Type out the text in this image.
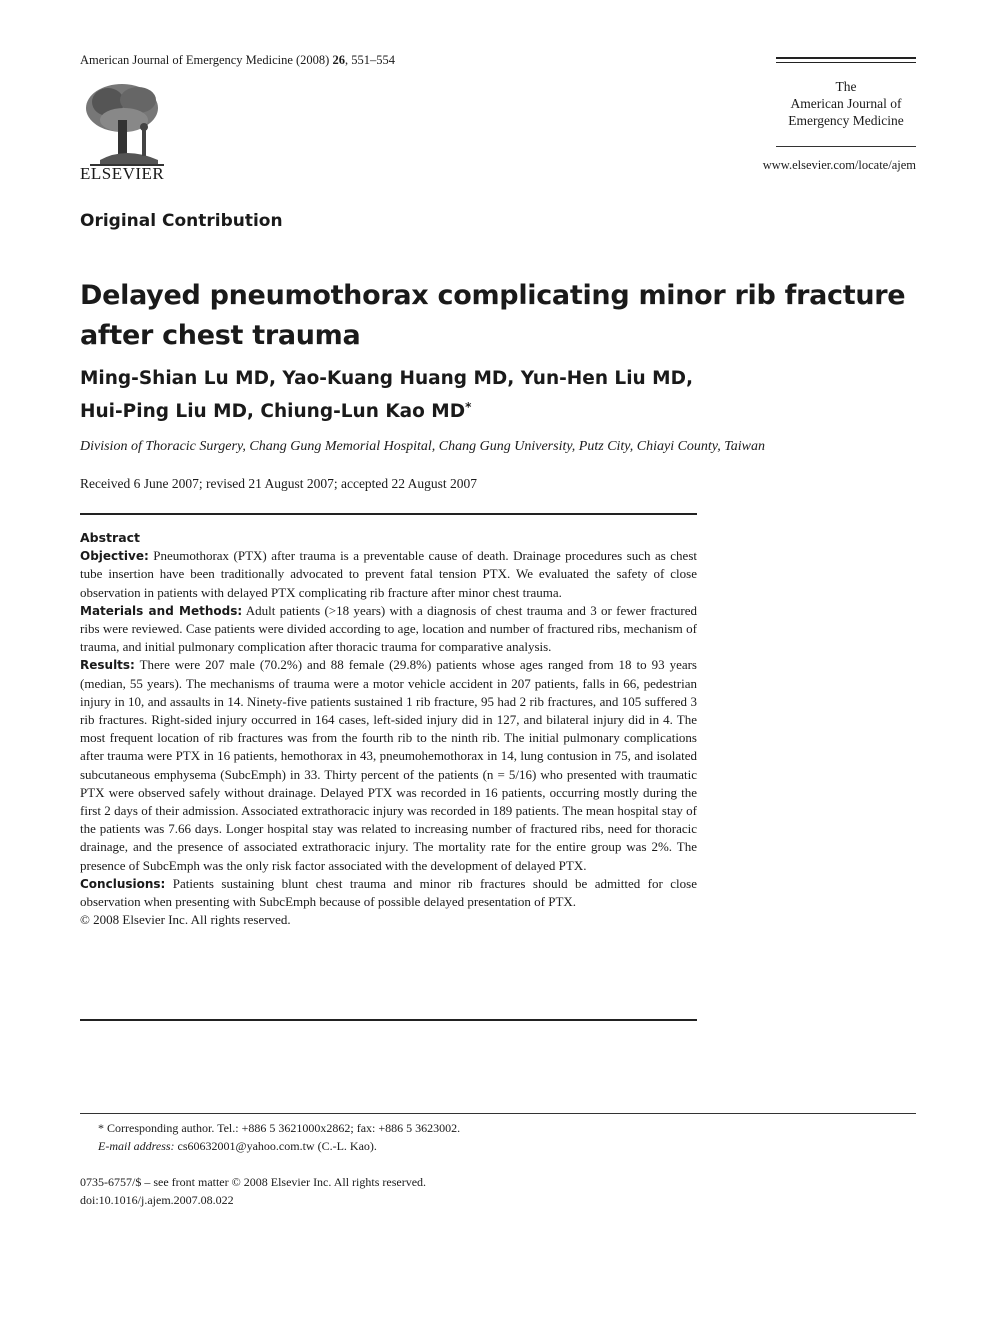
American Journal of Emergency Medicine (2008) 26, 551–554
ELSEVIER
The
American Journal of
Emergency Medicine
www.elsevier.com/locate/ajem
Original Contribution
Delayed pneumothorax complicating minor rib fracture after chest trauma
Ming-Shian Lu MD, Yao-Kuang Huang MD, Yun-Hen Liu MD,
Hui-Ping Liu MD, Chiung-Lun Kao MD*
Division of Thoracic Surgery, Chang Gung Memorial Hospital, Chang Gung University, Putz City, Chiayi County, Taiwan
Received 6 June 2007; revised 21 August 2007; accepted 22 August 2007
Abstract

Objective: Pneumothorax (PTX) after trauma is a preventable cause of death. Drainage procedures such as chest tube insertion have been traditionally advocated to prevent fatal tension PTX. We evaluated the safety of close observation in patients with delayed PTX complicating rib fracture after minor chest trauma.

Materials and Methods: Adult patients (>18 years) with a diagnosis of chest trauma and 3 or fewer fractured ribs were reviewed. Case patients were divided according to age, location and number of fractured ribs, mechanism of trauma, and initial pulmonary complication after thoracic trauma for comparative analysis.

Results: There were 207 male (70.2%) and 88 female (29.8%) patients whose ages ranged from 18 to 93 years (median, 55 years). The mechanisms of trauma were a motor vehicle accident in 207 patients, falls in 66, pedestrian injury in 10, and assaults in 14. Ninety-five patients sustained 1 rib fracture, 95 had 2 rib fractures, and 105 suffered 3 rib fractures. Right-sided injury occurred in 164 cases, left-sided injury did in 127, and bilateral injury did in 4. The most frequent location of rib fractures was from the fourth rib to the ninth rib. The initial pulmonary complications after trauma were PTX in 16 patients, hemothorax in 43, pneumohemothorax in 14, lung contusion in 75, and isolated subcutaneous emphysema (SubcEmph) in 33. Thirty percent of the patients (n = 5/16) who presented with traumatic PTX were observed safely without drainage. Delayed PTX was recorded in 16 patients, occurring mostly during the first 2 days of their admission. Associated extrathoracic injury was recorded in 189 patients. The mean hospital stay of the patients was 7.66 days. Longer hospital stay was related to increasing number of fractured ribs, need for thoracic drainage, and the presence of associated extrathoracic injury. The mortality rate for the entire group was 2%. The presence of SubcEmph was the only risk factor associated with the development of delayed PTX.

Conclusions: Patients sustaining blunt chest trauma and minor rib fractures should be admitted for close observation when presenting with SubcEmph because of possible delayed presentation of PTX.

© 2008 Elsevier Inc. All rights reserved.

* Corresponding author. Tel.: +886 5 3621000x2862; fax: +886 5 3623002.
E-mail address: cs60632001@yahoo.com.tw (C.-L. Kao).
0735-6757/$ – see front matter © 2008 Elsevier Inc. All rights reserved.
doi:10.1016/j.ajem.2007.08.022
